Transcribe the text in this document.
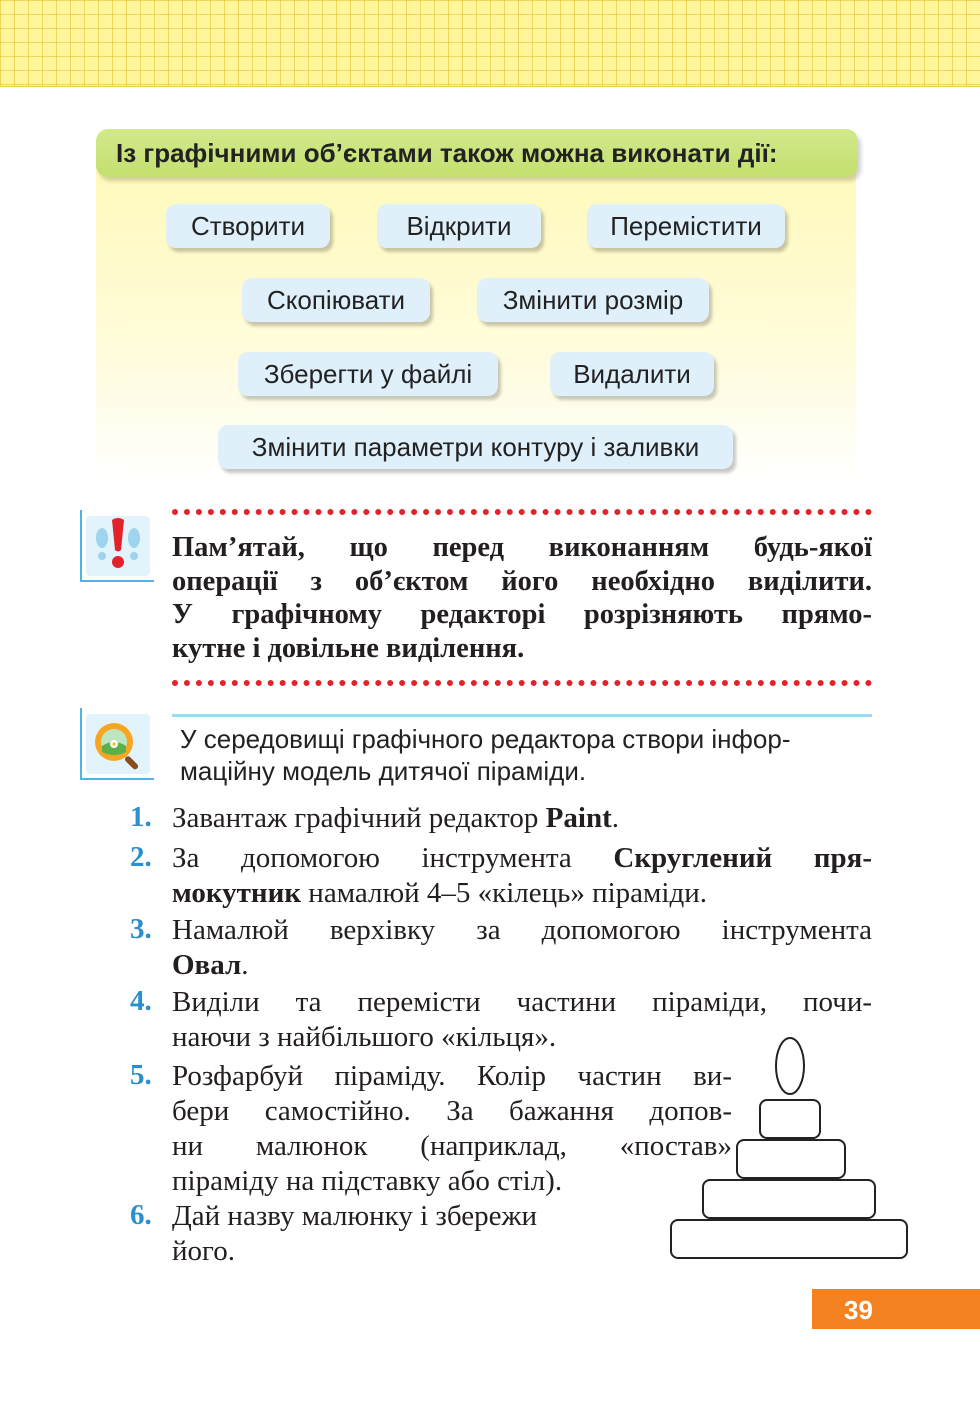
Із графічними об’єктами також можна виконати дії:
Створити	Відкрити	Перемістити
Скопіювати	Змінити розмір
Зберегти у файлі	Видалити
Змінити параметри контуру і заливки

Пам’ятай, що перед виконанням будь-якої

операції з об’єктом його необхідно виділити.

У графічному редакторі розрізняють прямо-

кутне і довільне виділення.

У середовищі графічного редактора створи інфор-

маційну модель дитячої піраміди.

1. Завантаж графічний редактор Paint.

2. За допомогою інструмента Скруглений пря-

мокутник намалюй 4–5 «кілець» піраміди.

3. Намалюй верхівку за допомогою інструмента

Овал.

4. Виділи та перемісти частини піраміди, почи-

наючи з найбільшого «кільця».

5. Розфарбуй піраміду. Колір частин ви-

бери самостійно. За бажання допов-

ни малюнок (наприклад, «постав»

піраміду на підставку або стіл).

6. Дай назву малюнку і збережи

його.

39
